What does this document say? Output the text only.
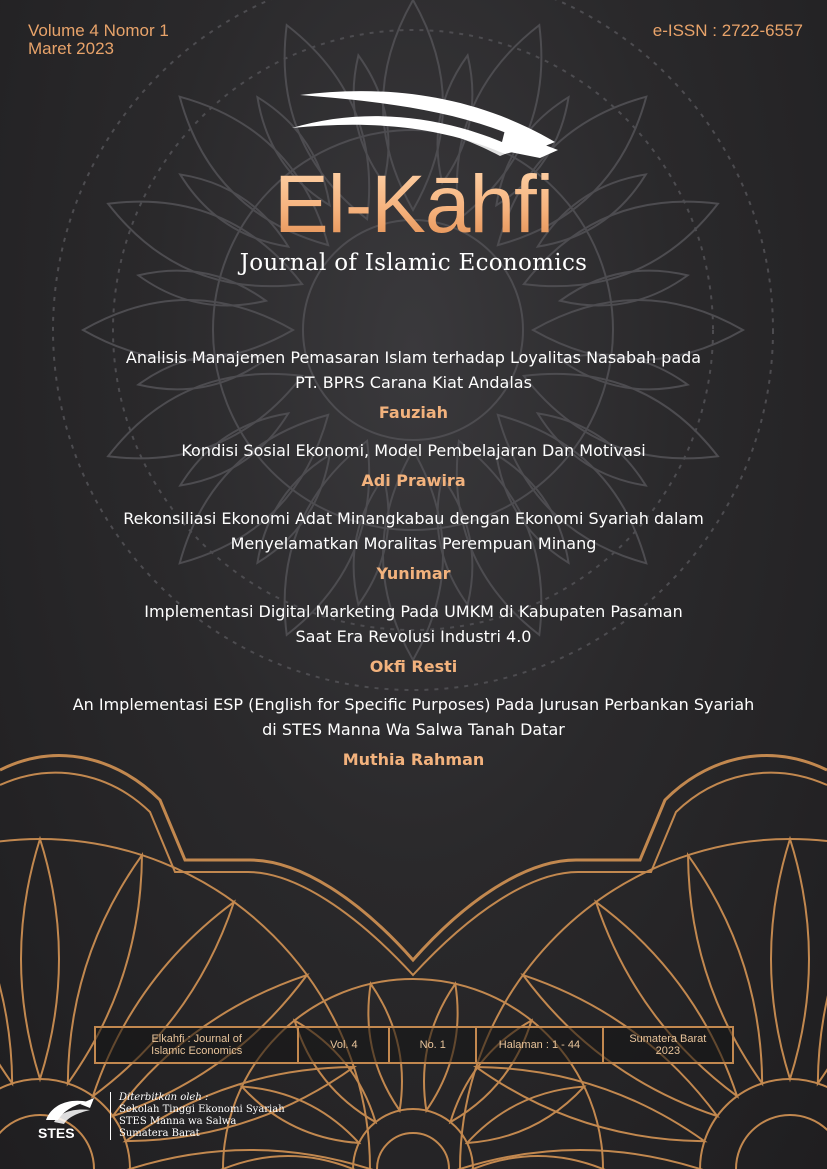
Volume 4 Nomor 1
Maret 2023
e-ISSN : 2722-6557
El-Kāhfi
Journal of Islamic Economics
Analisis Manajemen Pemasaran Islam terhadap Loyalitas Nasabah pada
PT. BPRS Carana Kiat Andalas
Fauziah
Kondisi Sosial Ekonomi, Model Pembelajaran Dan Motivasi
Adi Prawira
Rekonsiliasi Ekonomi Adat Minangkabau dengan Ekonomi Syariah dalam
Menyelamatkan Moralitas Perempuan Minang
Yunimar
Implementasi Digital Marketing Pada UMKM di Kabupaten Pasaman
Saat Era Revolusi Industri 4.0
Okfi Resti
An Implementasi ESP (English for Specific Purposes) Pada Jurusan Perbankan Syariah
di STES Manna Wa Salwa Tanah Datar
Muthia Rahman
Elkahfi : Journal of
Islamic Economics	Vol. 4	No. 1	Halaman : 1 - 44	Sumatera Barat
2023
STES
Diterbitkan oleh :
Sekolah Tinggi Ekonomi Syariah
STES Manna wa Salwa
Sumatera Barat
